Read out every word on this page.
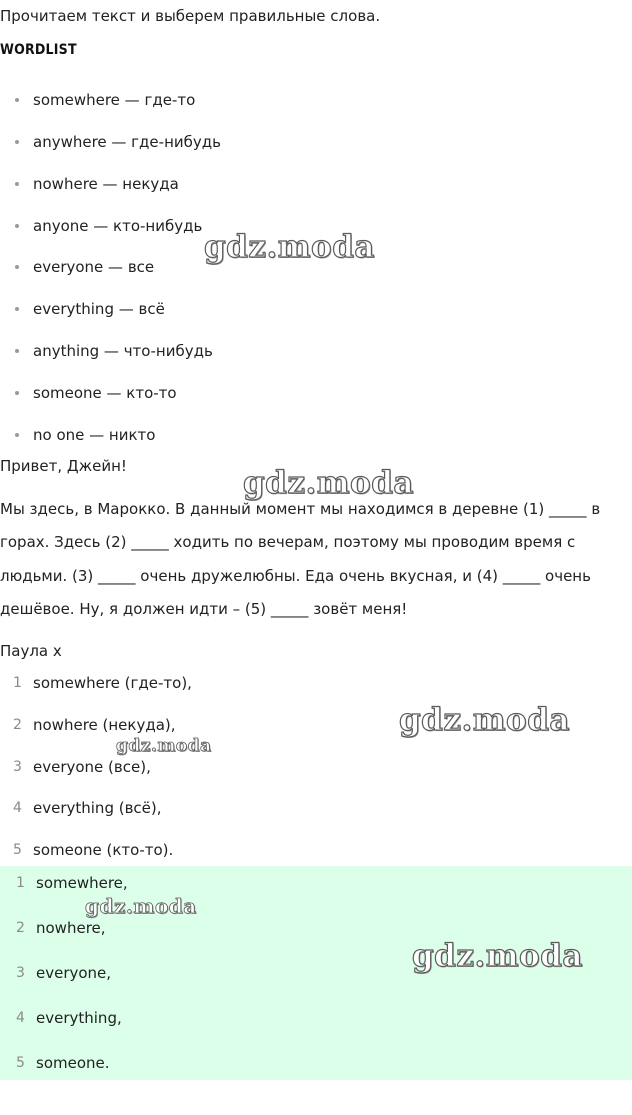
Прочитаем текст и выберем правильные слова.
WORDLIST
somewhere — где-то
anywhere — где-нибудь
nowhere — некуда
anyone — кто-нибудь
everyone — все
everything — всё
anything — что-нибудь
someone — кто-то
no one — никто
Привет, Джейн!
Мы здесь, в Марокко. В данный момент мы находимся в деревне (1) _____ в
горах. Здесь (2) _____ ходить по вечерам, поэтому мы проводим время с
людьми. (3) _____ очень дружелюбны. Еда очень вкусная, и (4) _____ очень
дешёвое. Ну, я должен идти – (5) _____ зовёт меня!
Паула х
1 somewhere (где-то),
2 nowhere (некуда),
3 everyone (все),
4 everything (всё),
5 someone (кто-то).
1 somewhere,
2 nowhere,
3 everyone,
4 everything,
5 someone.
gdz.moda
gdz.moda
gdz.moda
gdz.moda
gdz.moda
gdz.moda
